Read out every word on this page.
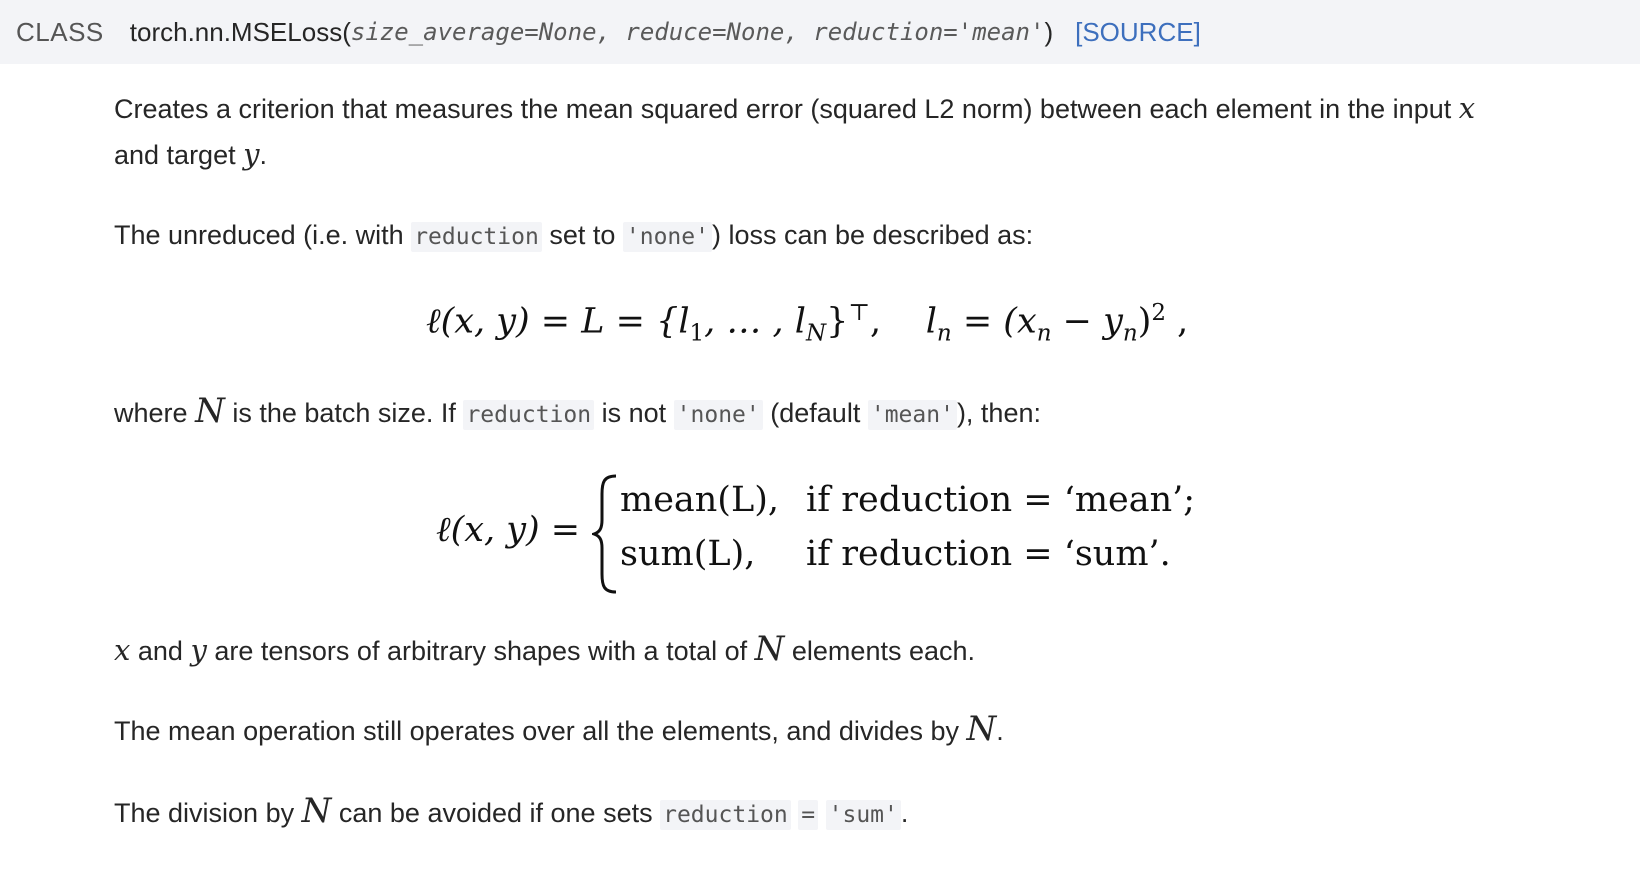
CLASS torch.nn.MSELoss ( size_average=None, reduce=None, reduction='mean' ) [SOURCE]
Creates a criterion that measures the mean squared error (squared L2 norm) between each element in the input x
and target y.
The unreduced (i.e. with reduction set to 'none' ) loss can be described as:
ℓ(x, $y) = L = \{l_1$, … , $l_N\}^⊤$, $l_n = (x_n - y_n)^2$ ,
where N is the batch size. If reduction is not 'none' (default 'mean' ), then:
ℓ(x, y) =
mean(L), if reduction = ‘mean’;
sum(L), if reduction = ‘sum’.
x and y are tensors of arbitrary shapes with a total of N elements each.
The mean operation still operates over all the elements, and divides by N.
The division by N can be avoided if one sets reduction = 'sum' .
